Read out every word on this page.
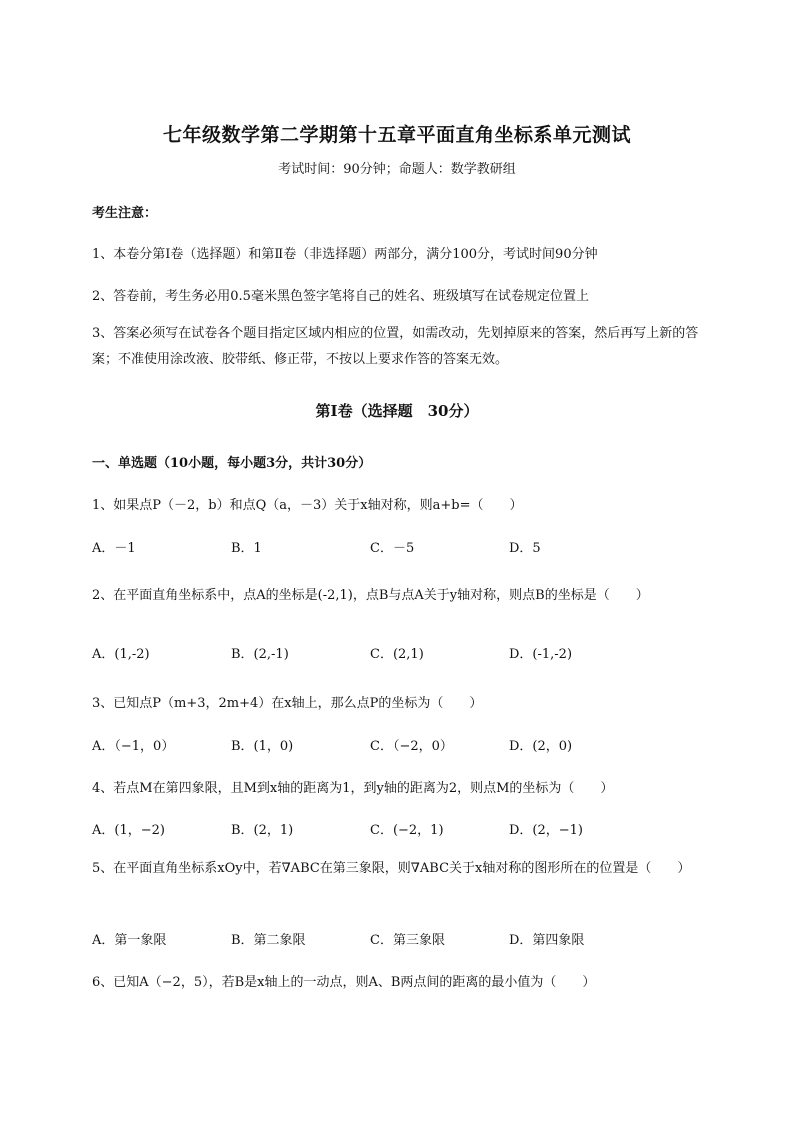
七年级数学第二学期第十五章平面直角坐标系单元测试
考试时间：90分钟；命题人：数学教研组
考生注意：
1、本卷分第Ⅰ卷（选择题）和第Ⅱ卷（非选择题）两部分，满分100分，考试时间90分钟
2、答卷前，考生务必用0.5毫米黑色签字笔将自己的姓名、班级填写在试卷规定位置上
3、答案必须写在试卷各个题目指定区域内相应的位置，如需改动，先划掉原来的答案，然后再写上新的答案；不准使用涂改液、胶带纸、修正带，不按以上要求作答的答案无效。
第Ⅰ卷（选择题　30分）
一、单选题（10小题，每小题3分，共计30分）
1、如果点P（－2，b）和点Q（a，－3）关于x轴对称，则a+b=（　　）
A．－1	B．1	C．－5	D．5
2、在平面直角坐标系中，点A的坐标是(-2,1)，点B与点A关于y轴对称，则点B的坐标是（　　）
A．(1,-2)	B．(2,-1)	C．(2,1)	D．(-1,-2)
3、已知点P（m+3，2m+4）在x轴上，那么点P的坐标为（　　）
A．（−1，0）	B．(1，0)	C．（−2，0）	D．(2，0)
4、若点M在第四象限，且M到x轴的距离为1，到y轴的距离为2，则点M的坐标为（　　）
A．(1，−2)	B．(2，1)	C．(−2，1)	D．(2，−1)
5、在平面直角坐标系xOy中，若∇ABC在第三象限，则∇ABC关于x轴对称的图形所在的位置是（　　）
A．第一象限	B．第二象限	C．第三象限	D．第四象限
6、已知A（−2，5），若B是x轴上的一动点，则A、B两点间的距离的最小值为（　　）
